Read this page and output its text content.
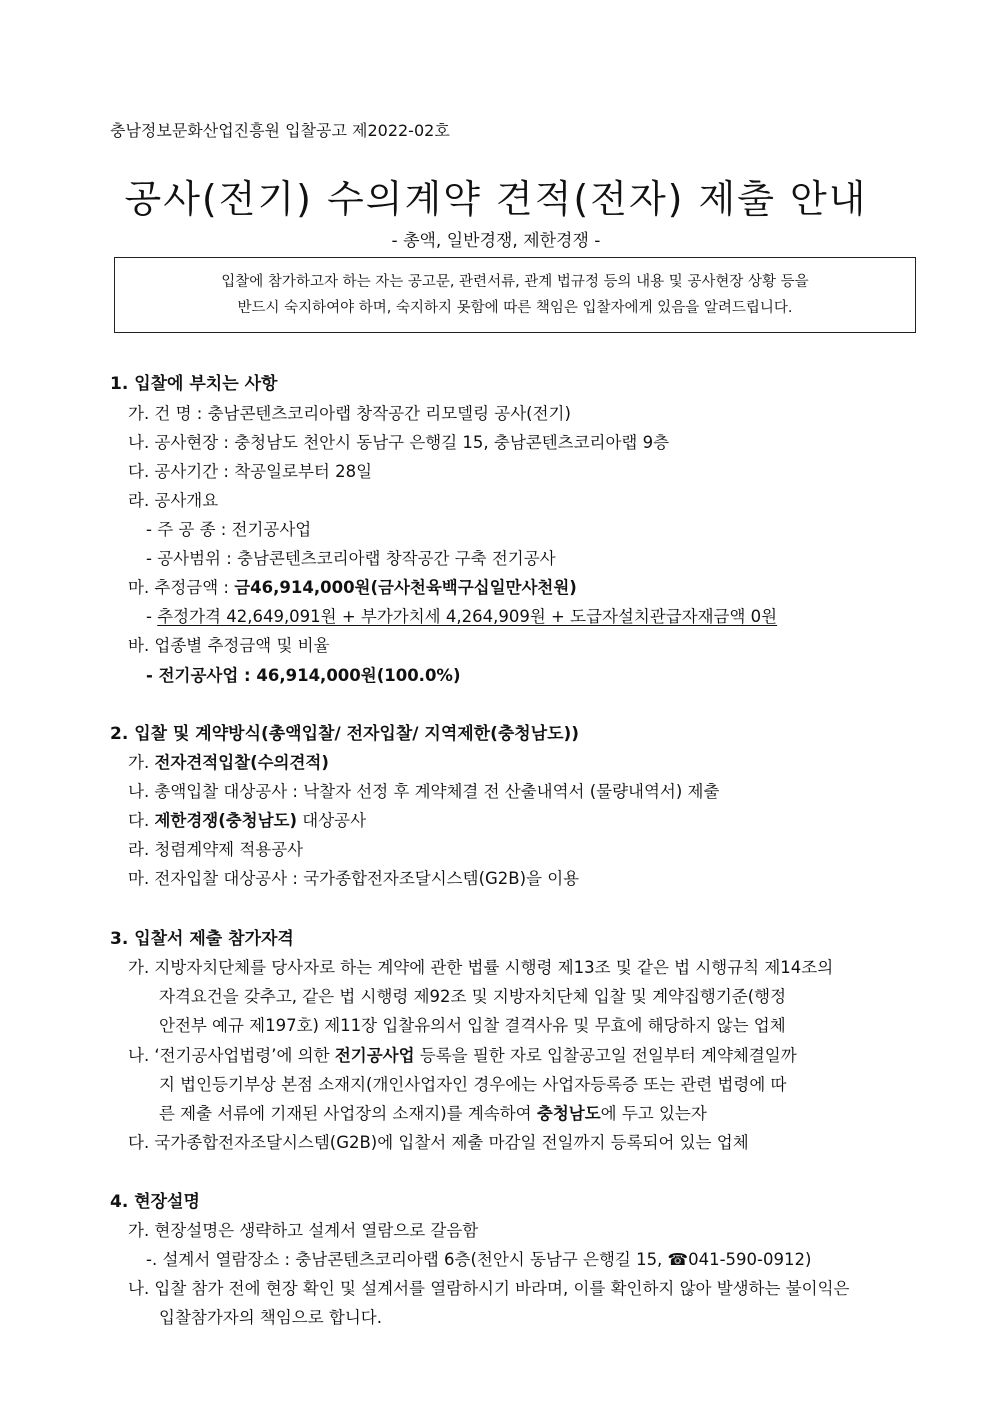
충남정보문화산업진흥원 입찰공고 제2022-02호
공사(전기) 수의계약 견적(전자) 제출 안내
- 총액, 일반경쟁, 제한경쟁 -
입찰에 참가하고자 하는 자는 공고문, 관련서류, 관계 법규정 등의 내용 및 공사현장 상황 등을
반드시 숙지하여야 하며, 숙지하지 못함에 따른 책임은 입찰자에게 있음을 알려드립니다.
1. 입찰에 부치는 사항
가. 건 명 : 충남콘텐츠코리아랩 창작공간 리모델링 공사(전기)
나. 공사현장 : 충청남도 천안시 동남구 은행길 15, 충남콘텐츠코리아랩 9층
다. 공사기간 : 착공일로부터 28일
라. 공사개요
- 주 공 종 : 전기공사업
- 공사범위 : 충남콘텐츠코리아랩 창작공간 구축 전기공사
마. 추정금액 : 금46,914,000원(금사천육백구십일만사천원)
- 추정가격 42,649,091원 + 부가가치세 4,264,909원 + 도급자설치관급자재금액 0원
바. 업종별 추정금액 및 비율
- 전기공사업 : 46,914,000원(100.0%)
2. 입찰 및 계약방식(총액입찰/ 전자입찰/ 지역제한(충청남도))
가. 전자견적입찰(수의견적)
나. 총액입찰 대상공사 : 낙찰자 선정 후 계약체결 전 산출내역서 (물량내역서) 제출
다. 제한경쟁(충청남도) 대상공사
라. 청렴계약제 적용공사
마. 전자입찰 대상공사 : 국가종합전자조달시스템(G2B)을 이용
3. 입찰서 제출 참가자격
가. 지방자치단체를 당사자로 하는 계약에 관한 법률 시행령 제13조 및 같은 법 시행규칙 제14조의
자격요건을 갖추고, 같은 법 시행령 제92조 및 지방자치단체 입찰 및 계약집행기준(행정
안전부 예규 제197호) 제11장 입찰유의서 입찰 결격사유 및 무효에 해당하지 않는 업체
나. ‘전기공사업법령’에 의한 전기공사업 등록을 필한 자로 입찰공고일 전일부터 계약체결일까
지 법인등기부상 본점 소재지(개인사업자인 경우에는 사업자등록증 또는 관련 법령에 따
른 제출 서류에 기재된 사업장의 소재지)를 계속하여 충청남도에 두고 있는자
다. 국가종합전자조달시스템(G2B)에 입찰서 제출 마감일 전일까지 등록되어 있는 업체
4. 현장설명
가. 현장설명은 생략하고 설계서 열람으로 갈음함
-. 설계서 열람장소 : 충남콘텐츠코리아랩 6층(천안시 동남구 은행길 15, ☎041-590-0912)
나. 입찰 참가 전에 현장 확인 및 설계서를 열람하시기 바라며, 이를 확인하지 않아 발생하는 불이익은
입찰참가자의 책임으로 합니다.
